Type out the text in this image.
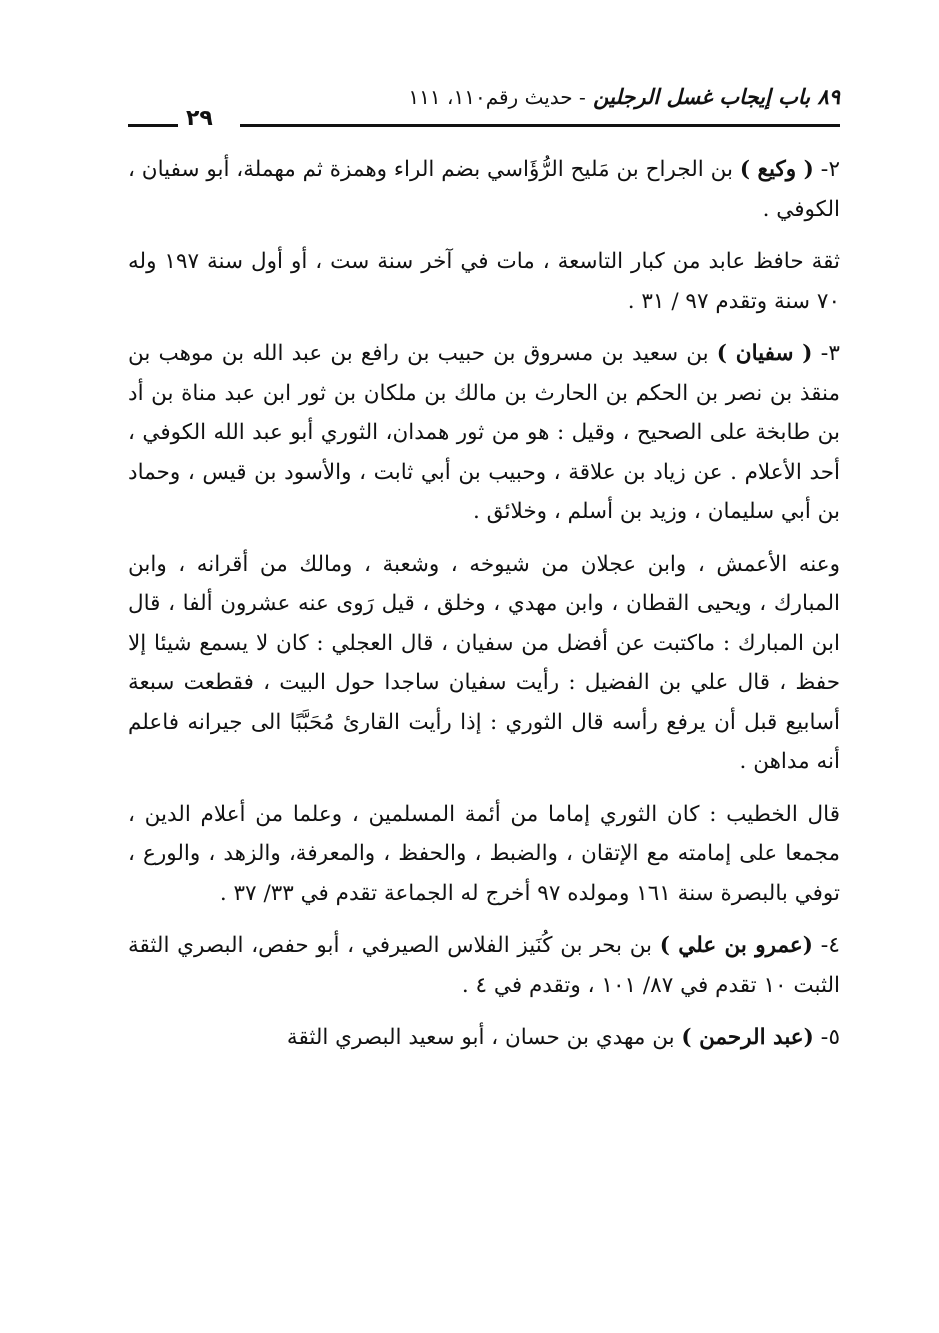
٨٩ باب إيجاب غسل الرجلين - حديث رقم١١٠، ١١١
٢٩
٢- ( وكيع ) بن الجراح بن مَليح الرُّؤَاسي بضم الراء وهمزة ثم مهملة، أبو سفيان ، الكوفي .
ثقة حافظ عابد من كبار التاسعة ، مات في آخر سنة ست ، أو أول سنة ١٩٧ وله ٧٠ سنة وتقدم ٩٧ / ٣١ .
٣- ( سفيان ) بن سعيد بن مسروق بن حبيب بن رافع بن عبد الله بن موهب بن منقذ بن نصر بن الحكم بن الحارث بن مالك بن ملكان بن ثور ابن عبد مناة بن أد بن طابخة على الصحيح ، وقيل : هو من ثور همدان، الثوري أبو عبد الله الكوفي ، أحد الأعلام . عن زياد بن علاقة ، وحبيب بن أبي ثابت ، والأسود بن قيس ، وحماد بن أبي سليمان ، وزيد بن أسلم ، وخلائق .
وعنه الأعمش ، وابن عجلان من شيوخه ، وشعبة ، ومالك من أقرانه ، وابن المبارك ، ويحيى القطان ، وابن مهدي ، وخلق ، قيل رَوى عنه عشرون ألفا ، قال ابن المبارك : ماكتبت عن أفضل من سفيان ، قال العجلي : كان لا يسمع شيئا إلا حفظ ، قال علي بن الفضيل : رأيت سفيان ساجدا حول البيت ، فقطعت سبعة أسابيع قبل أن يرفع رأسه قال الثوري : إذا رأيت القارئ مُحَبَّبًا الى جيرانه فاعلم أنه مداهن .
قال الخطيب : كان الثوري إماما من أئمة المسلمين ، وعلما من أعلام الدين ، مجمعا على إمامته مع الإتقان ، والضبط ، والحفظ ، والمعرفة، والزهد ، والورع ، توفي بالبصرة سنة ١٦١ ومولده ٩٧ أخرج له الجماعة تقدم في ٣٣/ ٣٧ .
٤- (عمرو بن علي ) بن بحر بن كُنَيز الفلاس الصيرفي ، أبو حفص، البصري الثقة الثبت ١٠ تقدم في ٨٧/ ١٠١ ، وتقدم في ٤ .
٥- (عبد الرحمن ) بن مهدي بن حسان ، أبو سعيد البصري الثقة
